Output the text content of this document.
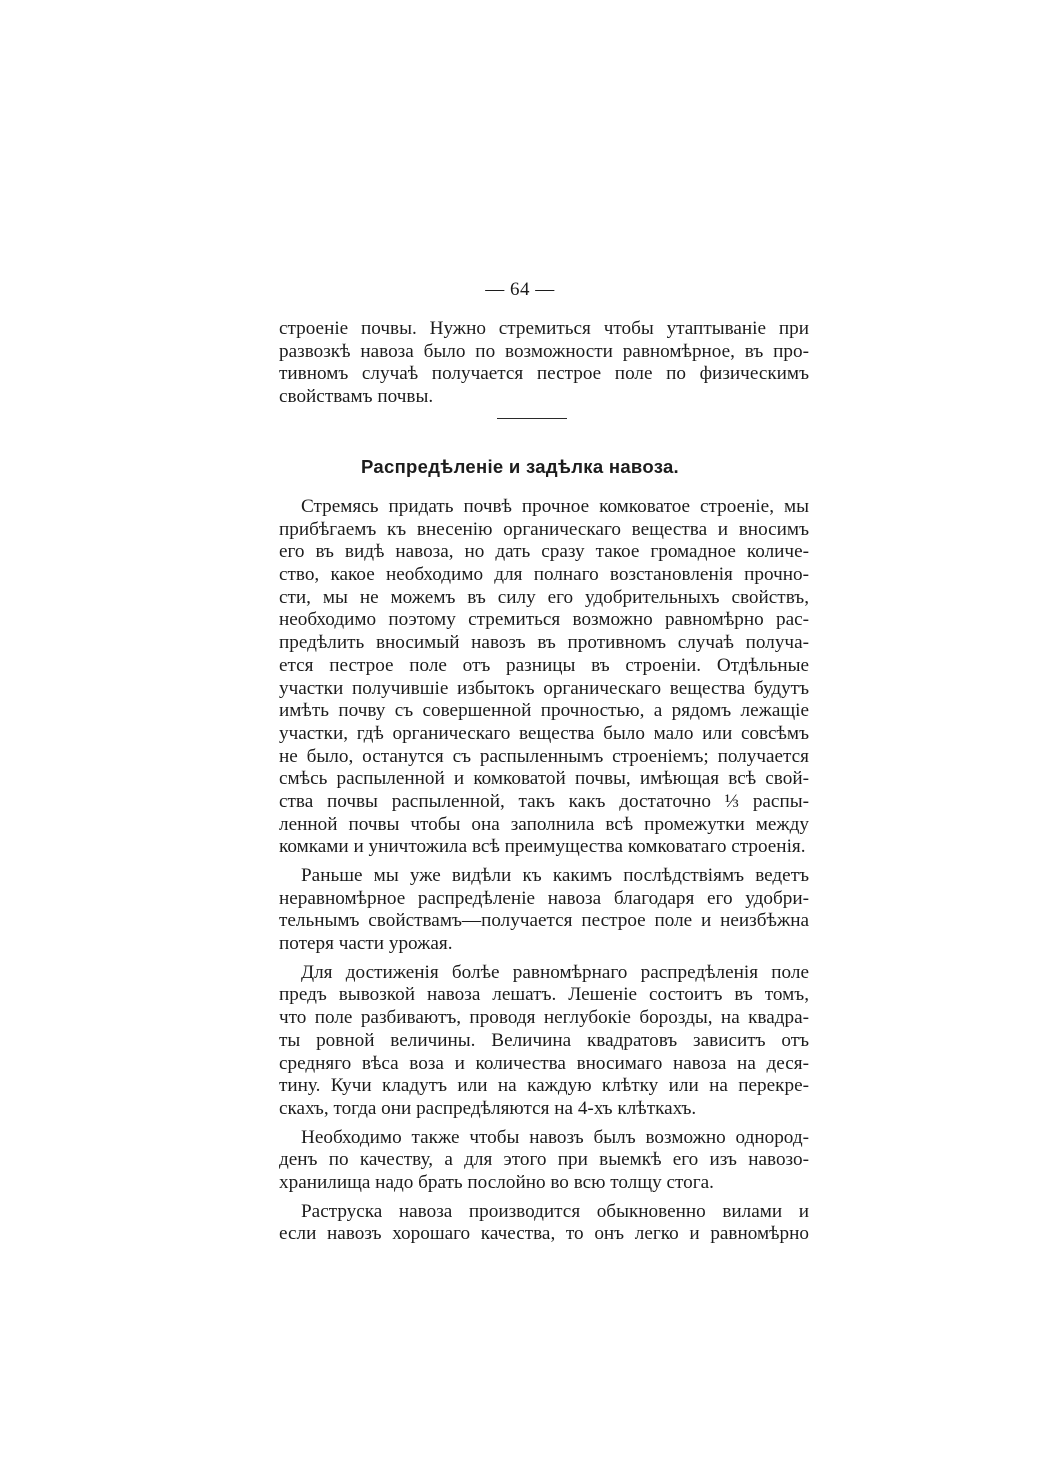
— 64 —
строеніе почвы. Нужно стремиться чтобы утаптываніе при
развозкѣ навоза было по возможности равномѣрное, въ про-
тивномъ случаѣ получается пестрое поле по физическимъ
свойствамъ почвы.
Распредѣленіе и задѣлка навоза.
Стремясь придать почвѣ прочное комковатое строеніе, мы
прибѣгаемъ къ внесенію органическаго вещества и вносимъ
его въ видѣ навоза, но дать сразу такое громадное количе-
ство, какое необходимо для полнаго возстановленія прочно-
сти, мы не можемъ въ силу его удобрительныхъ свойствъ,
необходимо поэтому стремиться возможно равномѣрно рас-
предѣлить вносимый навозъ въ противномъ случаѣ получа-
ется пестрое поле отъ разницы въ строеніи. Отдѣльные
участки получившіе избытокъ органическаго вещества будутъ
имѣть почву съ совершенной прочностью, а рядомъ лежащіе
участки, гдѣ органическаго вещества было мало или совсѣмъ
не было, останутся съ распыленнымъ строеніемъ; получается
смѣсь распыленной и комковатой почвы, имѣющая всѣ свой-
ства почвы распыленной, такъ какъ достаточно ⅓ распы-
ленной почвы чтобы она заполнила всѣ промежутки между
комками и уничтожила всѣ преимущества комковатаго строенія.
Раньше мы уже видѣли къ какимъ послѣдствіямъ ведетъ
неравномѣрное распредѣленіе навоза благодаря его удобри-
тельнымъ свойствамъ—получается пестрое поле и неизбѣжна
потеря части урожая.
Для достиженія болѣе равномѣрнаго распредѣленія поле
предъ вывозкой навоза лешатъ. Лешеніе состоитъ въ томъ,
что поле разбиваютъ, проводя неглубокіе борозды, на квадра-
ты ровной величины. Величина квадратовъ зависитъ отъ
средняго вѣса воза и количества вносимаго навоза на деся-
тину. Кучи кладутъ или на каждую клѣтку или на перекре-
скахъ, тогда они распредѣляются на 4-хъ клѣткахъ.
Необходимо также чтобы навозъ былъ возможно однород-
денъ по качеству, а для этого при выемкѣ его изъ навозо-
хранилища надо брать послойно во всю толщу стога.
Раструска навоза производится обыкновенно вилами и
если навозъ хорошаго качества, то онъ легко и равномѣрно
